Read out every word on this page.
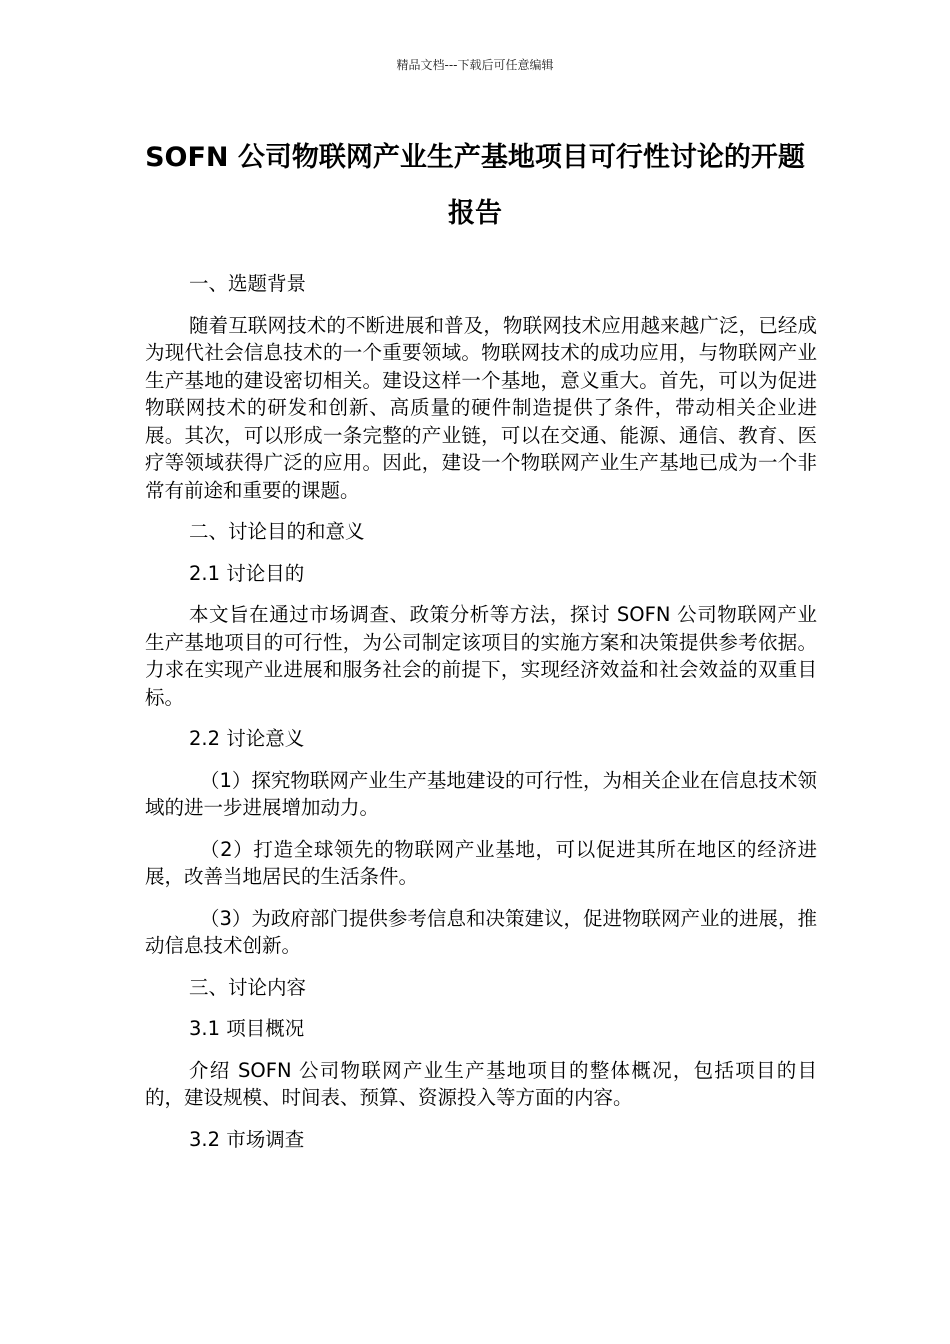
精品文档---下载后可任意编辑
SOFN 公司物联网产业生产基地项目可行性讨论的开题报告

一、选题背景

随着互联网技术的不断进展和普及，物联网技术应用越来越广泛，已经成为现代社会信息技术的一个重要领域。物联网技术的成功应用，与物联网产业生产基地的建设密切相关。建设这样一个基地，意义重大。首先，可以为促进物联网技术的研发和创新、高质量的硬件制造提供了条件，带动相关企业进展。其次，可以形成一条完整的产业链，可以在交通、能源、通信、教育、医疗等领域获得广泛的应用。因此，建设一个物联网产业生产基地已成为一个非常有前途和重要的课题。

二、讨论目的和意义

2.1 讨论目的

本文旨在通过市场调查、政策分析等方法，探讨 SOFN 公司物联网产业生产基地项目的可行性，为公司制定该项目的实施方案和决策提供参考依据。力求在实现产业进展和服务社会的前提下，实现经济效益和社会效益的双重目标。

2.2 讨论意义

（1）探究物联网产业生产基地建设的可行性，为相关企业在信息技术领域的进一步进展增加动力。

（2）打造全球领先的物联网产业基地，可以促进其所在地区的经济进展，改善当地居民的生活条件。

（3）为政府部门提供参考信息和决策建议，促进物联网产业的进展，推动信息技术创新。

三、讨论内容

3.1 项目概况

介绍 SOFN 公司物联网产业生产基地项目的整体概况，包括项目的目的，建设规模、时间表、预算、资源投入等方面的内容。

3.2 市场调查
